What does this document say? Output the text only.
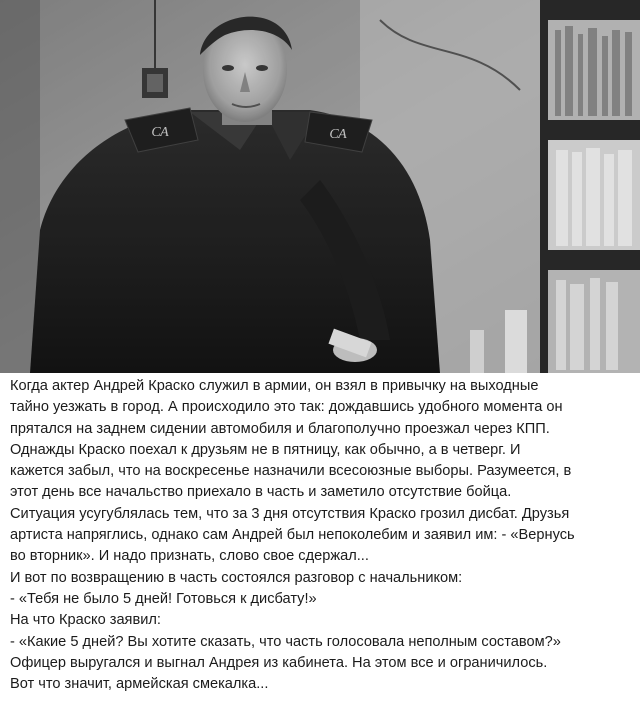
СА	СА
Когда актер Андрей Краско служил в армии, он взял в привычку на выходные
тайно уезжать в город. А происходило это так: дождавшись удобного момента он
прятался на заднем сидении автомобиля и благополучно проезжал через КПП.
Однажды Краско поехал к друзьям не в пятницу, как обычно, а в четверг. И
кажется забыл, что на воскресенье назначили всесоюзные выборы. Разумеется, в
этот день все начальство приехало в часть и заметило отсутствие бойца.
Ситуация усугублялась тем, что за 3 дня отсутствия Краско грозил дисбат. Друзья
артиста напряглись, однако сам Андрей был непоколебим и заявил им: - «Вернусь
во вторник». И надо признать, слово свое сдержал...
И вот по возвращению в часть состоялся разговор с начальником:
- «Тебя не было 5 дней! Готовься к дисбату!»
На что Краско заявил:
- «Какие 5 дней? Вы хотите сказать, что часть голосовала неполным составом?»
Офицер выругался и выгнал Андрея из кабинета. На этом все и ограничилось.
Вот что значит, армейская смекалка...
